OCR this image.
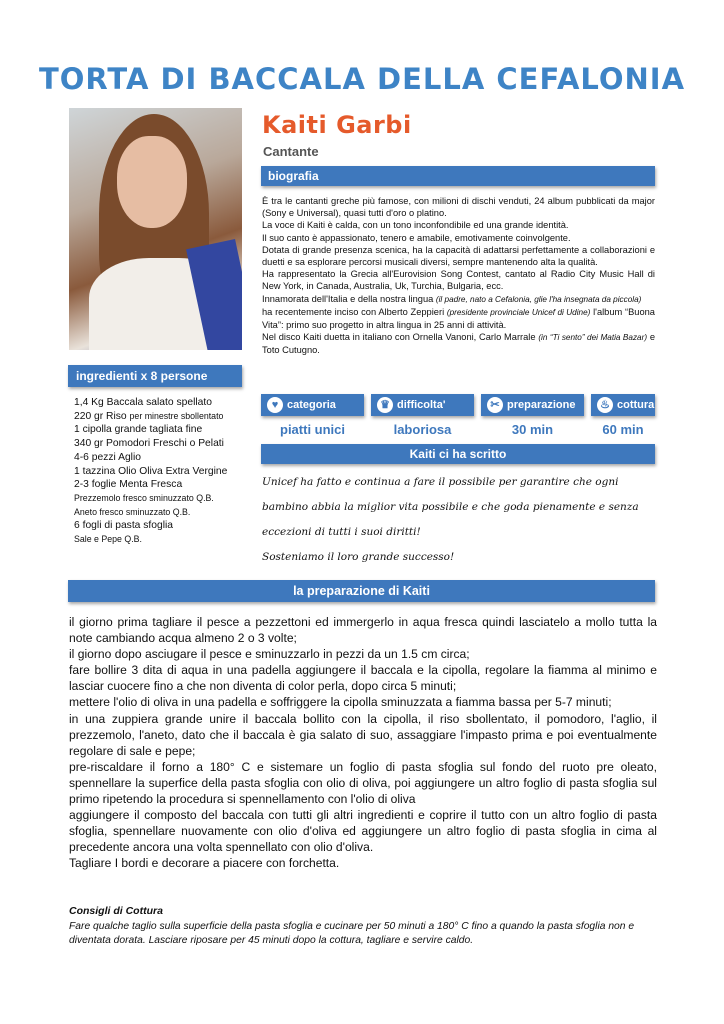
TORTA DI BACCALA DELLA CEFALONIA
Kaiti Garbi
Cantante
biografia

È tra le cantanti greche più famose, con milioni di dischi venduti, 24 album pubblicati da major (Sony e Universal), quasi tutti d'oro o platino.

La voce di Kaiti è calda, con un tono inconfondibile ed una grande identità.

Il suo canto è appassionato, tenero e amabile, emotivamente coinvolgente.

Dotata di grande presenza scenica, ha la capacità di adattarsi perfettamente a collaborazioni e duetti e sa esplorare percorsi musicali diversi, sempre mantenendo alta la qualità.

Ha rappresentato la Grecia all'Eurovision Song Contest, cantato al Radio City Music Hall di New York, in Canada, Australia, Uk, Turchia, Bulgaria, ecc.

Innamorata dell'Italia e della nostra lingua (il padre, nato a Cefalonia, glie l'ha insegnata da piccola)

ha recentemente inciso con Alberto Zeppieri (presidente provinciale Unicef di Udine) l'album “Buona Vita”: primo suo progetto in altra lingua in 25 anni di attività.

Nel disco Kaiti duetta in italiano con Ornella Vanoni, Carlo Marrale (in “Ti sento” dei Matia Bazar) e Toto Cutugno.

ingredienti x 8 persone
1,4 Kg Baccala salato spellato
220 gr Riso per minestre sbollentato
1 cipolla grande tagliata fine
340 gr Pomodori Freschi o Pelati
4-6 pezzi Aglio
1 tazzina Olio Oliva Extra Vergine
2-3 foglie Menta Fresca
Prezzemolo fresco sminuzzato Q.B.
Aneto fresco sminuzzato Q.B.
6 fogli di pasta sfoglia
Sale e Pepe Q.B.
♥ categoria
piatti unici
♛ difficolta'
laboriosa
✂ preparazione
30 min
♨ cottura
60 min
Kaiti ci ha scritto

Unicef ha fatto e continua a fare il possibile per garantire che ogni bambino abbia la miglior vita possibile e che goda pienamente e senza eccezioni di tutti i suoi diritti!

Sosteniamo il loro grande successo!

la preparazione di Kaiti

il giorno prima tagliare il pesce a pezzettoni ed immergerlo in aqua fresca quindi lasciatelo a mollo tutta la note cambiando acqua almeno 2 o 3 volte;

il giorno dopo asciugare il pesce e sminuzzarlo in pezzi da un 1.5 cm circa;

fare bollire 3 dita di aqua in una padella aggiungere il baccala e la cipolla, regolare la fiamma al minimo e lasciar cuocere fino a che non diventa di color perla, dopo circa 5 minuti;

mettere l'olio di oliva in una padella e soffriggere la cipolla sminuzzata a fiamma bassa per 5-7 minuti;

in una zuppiera grande unire il baccala bollito con la cipolla, il riso sbollentato, il pomodoro, l'aglio, il prezzemolo, l'aneto, dato che il baccala è gia salato di suo, assaggiare l'impasto prima e poi eventualmente regolare di sale e pepe;

pre-riscaldare il forno a 180° C e sistemare un foglio di pasta sfoglia sul fondo del ruoto pre oleato, spennellare la superfice della pasta sfoglia con olio di oliva, poi aggiungere un altro foglio di pasta sfoglia sul primo ripetendo la procedura si spennellamento con l'olio di oliva

aggiungere il composto del baccala con tutti gli altri ingredienti e coprire il tutto con un altro foglio di pasta sfoglia, spennellare nuovamente con olio d'oliva ed aggiungere un altro foglio di pasta sfoglia in cima al precedente ancora una volta spennellato con olio d'oliva.

Tagliare I bordi e decorare a piacere con forchetta.

Consigli di Cottura
Fare qualche taglio sulla superficie della pasta sfoglia e cucinare per 50 minuti a 180° C fino a quando la pasta sfoglia non e diventata dorata. Lasciare riposare per 45 minuti dopo la cottura, tagliare e servire caldo.
